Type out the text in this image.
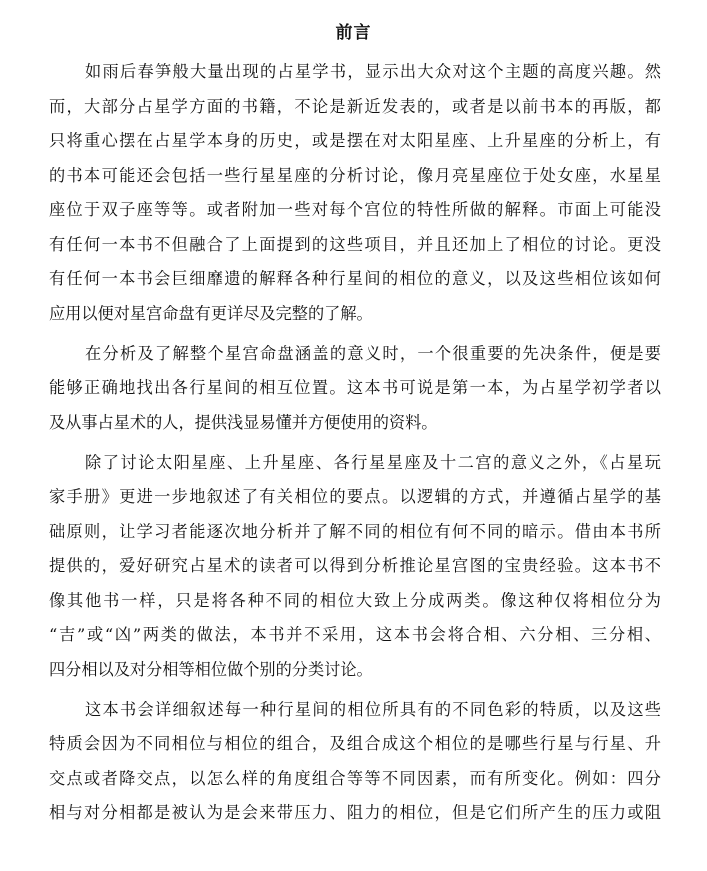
前言
如雨后春笋般大量出现的占星学书，显示出大众对这个主题的高度兴趣。然
而，大部分占星学方面的书籍，不论是新近发表的，或者是以前书本的再版，都
只将重心摆在占星学本身的历史，或是摆在对太阳星座、上升星座的分析上，有
的书本可能还会包括一些行星星座的分析讨论，像月亮星座位于处女座，水星星
座位于双子座等等。或者附加一些对每个宫位的特性所做的解释。市面上可能没
有任何一本书不但融合了上面提到的这些项目，并且还加上了相位的讨论。更没
有任何一本书会巨细靡遗的解释各种行星间的相位的意义，以及这些相位该如何
应用以便对星宫命盘有更详尽及完整的了解。
在分析及了解整个星宫命盘涵盖的意义时，一个很重要的先决条件，便是要
能够正确地找出各行星间的相互位置。这本书可说是第一本，为占星学初学者以
及从事占星术的人，提供浅显易懂并方便使用的资料。
除了讨论太阳星座、上升星座、各行星星座及十二宫的意义之外，《占星玩
家手册》更进一步地叙述了有关相位的要点。以逻辑的方式，并遵循占星学的基
础原则，让学习者能逐次地分析并了解不同的相位有何不同的暗示。借由本书所
提供的，爱好研究占星术的读者可以得到分析推论星宫图的宝贵经验。这本书不
像其他书一样，只是将各种不同的相位大致上分成两类。像这种仅将相位分为
“吉”或“凶”两类的做法，本书并不采用，这本书会将合相、六分相、三分相、
四分相以及对分相等相位做个别的分类讨论。
这本书会详细叙述每一种行星间的相位所具有的不同色彩的特质，以及这些
特质会因为不同相位与相位的组合，及组合成这个相位的是哪些行星与行星、升
交点或者降交点，以怎么样的角度组合等等不同因素，而有所变化。例如：四分
相与对分相都是被认为是会来带压力、阻力的相位，但是它们所产生的压力或阻
